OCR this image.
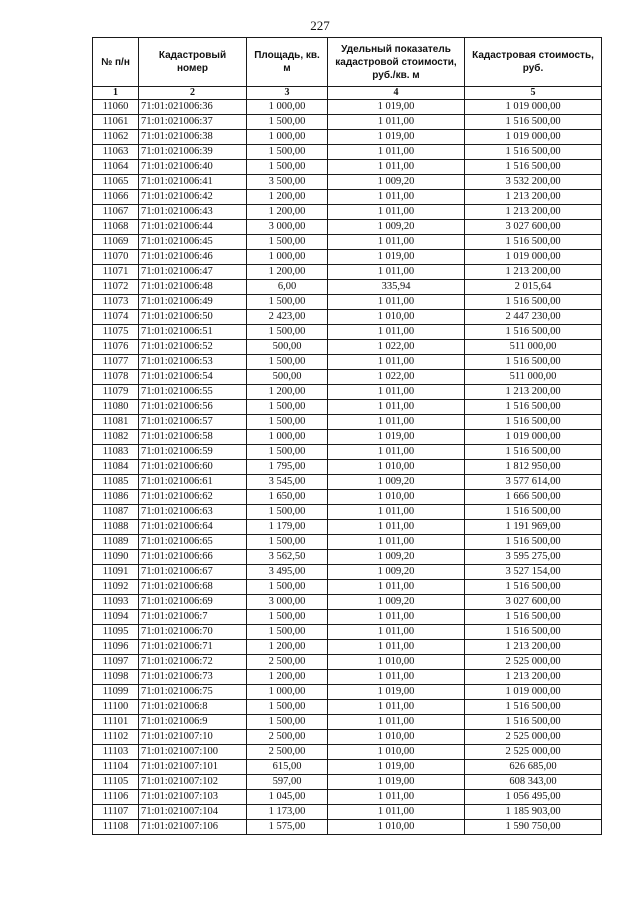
227
№ п/н	Кадастровый номер	Площадь, кв. м	Удельный показатель кадастровой стоимости, руб./кв. м	Кадастровая стоимость, руб.
1	2	3	4	5
11060	71:01:021006:36	1 000,00	1 019,00	1 019 000,00
11061	71:01:021006:37	1 500,00	1 011,00	1 516 500,00
11062	71:01:021006:38	1 000,00	1 019,00	1 019 000,00
11063	71:01:021006:39	1 500,00	1 011,00	1 516 500,00
11064	71:01:021006:40	1 500,00	1 011,00	1 516 500,00
11065	71:01:021006:41	3 500,00	1 009,20	3 532 200,00
11066	71:01:021006:42	1 200,00	1 011,00	1 213 200,00
11067	71:01:021006:43	1 200,00	1 011,00	1 213 200,00
11068	71:01:021006:44	3 000,00	1 009,20	3 027 600,00
11069	71:01:021006:45	1 500,00	1 011,00	1 516 500,00
11070	71:01:021006:46	1 000,00	1 019,00	1 019 000,00
11071	71:01:021006:47	1 200,00	1 011,00	1 213 200,00
11072	71:01:021006:48	6,00	335,94	2 015,64
11073	71:01:021006:49	1 500,00	1 011,00	1 516 500,00
11074	71:01:021006:50	2 423,00	1 010,00	2 447 230,00
11075	71:01:021006:51	1 500,00	1 011,00	1 516 500,00
11076	71:01:021006:52	500,00	1 022,00	511 000,00
11077	71:01:021006:53	1 500,00	1 011,00	1 516 500,00
11078	71:01:021006:54	500,00	1 022,00	511 000,00
11079	71:01:021006:55	1 200,00	1 011,00	1 213 200,00
11080	71:01:021006:56	1 500,00	1 011,00	1 516 500,00
11081	71:01:021006:57	1 500,00	1 011,00	1 516 500,00
11082	71:01:021006:58	1 000,00	1 019,00	1 019 000,00
11083	71:01:021006:59	1 500,00	1 011,00	1 516 500,00
11084	71:01:021006:60	1 795,00	1 010,00	1 812 950,00
11085	71:01:021006:61	3 545,00	1 009,20	3 577 614,00
11086	71:01:021006:62	1 650,00	1 010,00	1 666 500,00
11087	71:01:021006:63	1 500,00	1 011,00	1 516 500,00
11088	71:01:021006:64	1 179,00	1 011,00	1 191 969,00
11089	71:01:021006:65	1 500,00	1 011,00	1 516 500,00
11090	71:01:021006:66	3 562,50	1 009,20	3 595 275,00
11091	71:01:021006:67	3 495,00	1 009,20	3 527 154,00
11092	71:01:021006:68	1 500,00	1 011,00	1 516 500,00
11093	71:01:021006:69	3 000,00	1 009,20	3 027 600,00
11094	71:01:021006:7	1 500,00	1 011,00	1 516 500,00
11095	71:01:021006:70	1 500,00	1 011,00	1 516 500,00
11096	71:01:021006:71	1 200,00	1 011,00	1 213 200,00
11097	71:01:021006:72	2 500,00	1 010,00	2 525 000,00
11098	71:01:021006:73	1 200,00	1 011,00	1 213 200,00
11099	71:01:021006:75	1 000,00	1 019,00	1 019 000,00
11100	71:01:021006:8	1 500,00	1 011,00	1 516 500,00
11101	71:01:021006:9	1 500,00	1 011,00	1 516 500,00
11102	71:01:021007:10	2 500,00	1 010,00	2 525 000,00
11103	71:01:021007:100	2 500,00	1 010,00	2 525 000,00
11104	71:01:021007:101	615,00	1 019,00	626 685,00
11105	71:01:021007:102	597,00	1 019,00	608 343,00
11106	71:01:021007:103	1 045,00	1 011,00	1 056 495,00
11107	71:01:021007:104	1 173,00	1 011,00	1 185 903,00
11108	71:01:021007:106	1 575,00	1 010,00	1 590 750,00
